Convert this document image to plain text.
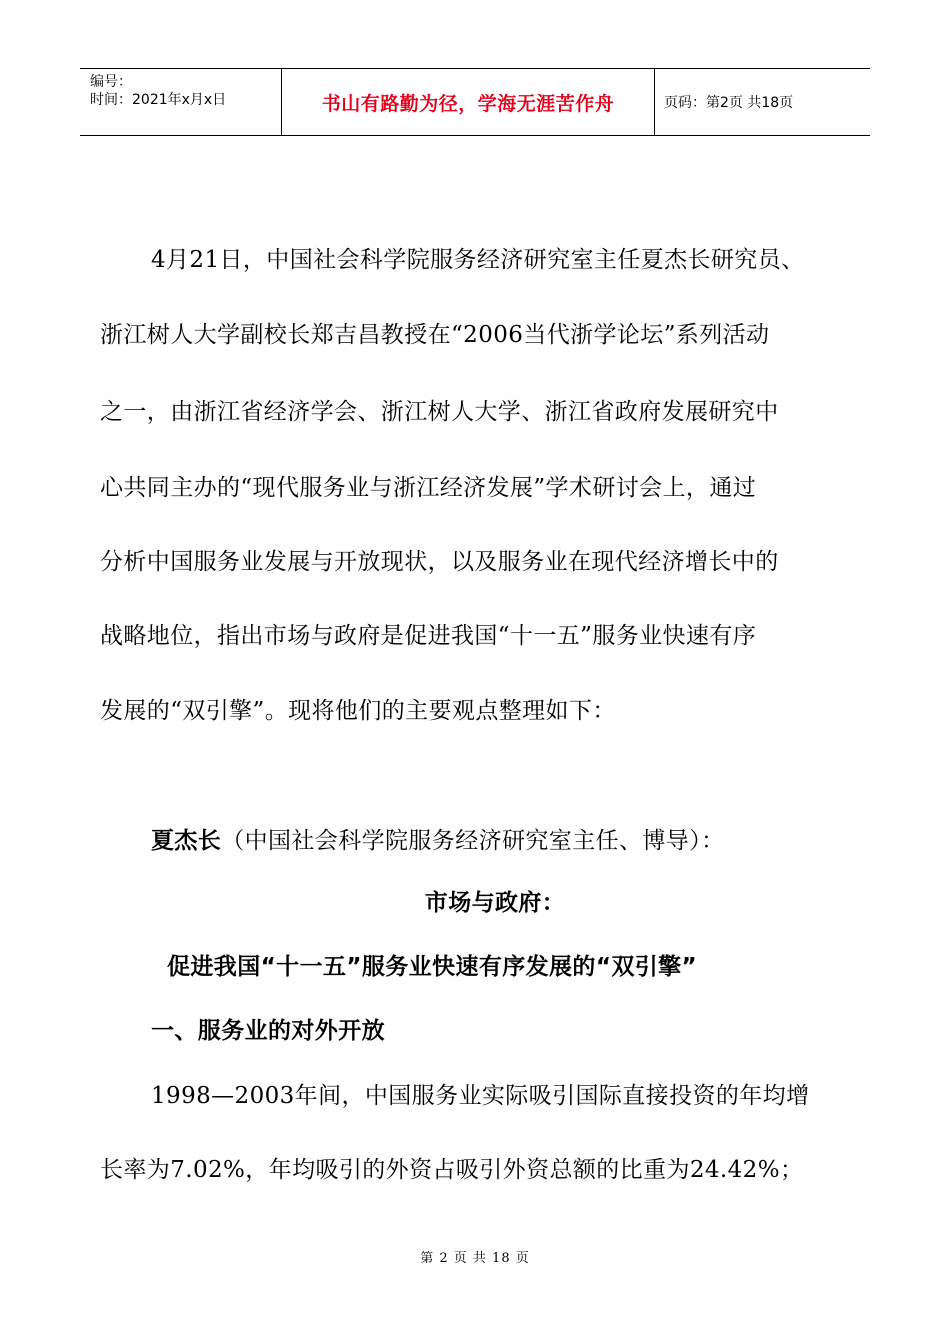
编号：
时间：2021年x月x日	书山有路勤为径，学海无涯苦作舟	页码：第2页 共18页
4月21日，中国社会科学院服务经济研究室主任夏杰长研究员、
浙江树人大学副校长郑吉昌教授在“2006当代浙学论坛”系列活动
之一，由浙江省经济学会、浙江树人大学、浙江省政府发展研究中
心共同主办的“现代服务业与浙江经济发展”学术研讨会上，通过
分析中国服务业发展与开放现状，以及服务业在现代经济增长中的
战略地位，指出市场与政府是促进我国“十一五”服务业快速有序
发展的“双引擎”。现将他们的主要观点整理如下：
夏杰长（中国社会科学院服务经济研究室主任、博导）：
市场与政府：
促进我国“十一五”服务业快速有序发展的“双引擎”
一、服务业的对外开放
1998—2003年间，中国服务业实际吸引国际直接投资的年均增
长率为7.02%，年均吸引的外资占吸引外资总额的比重为24.42%；
第 2 页 共 18 页
